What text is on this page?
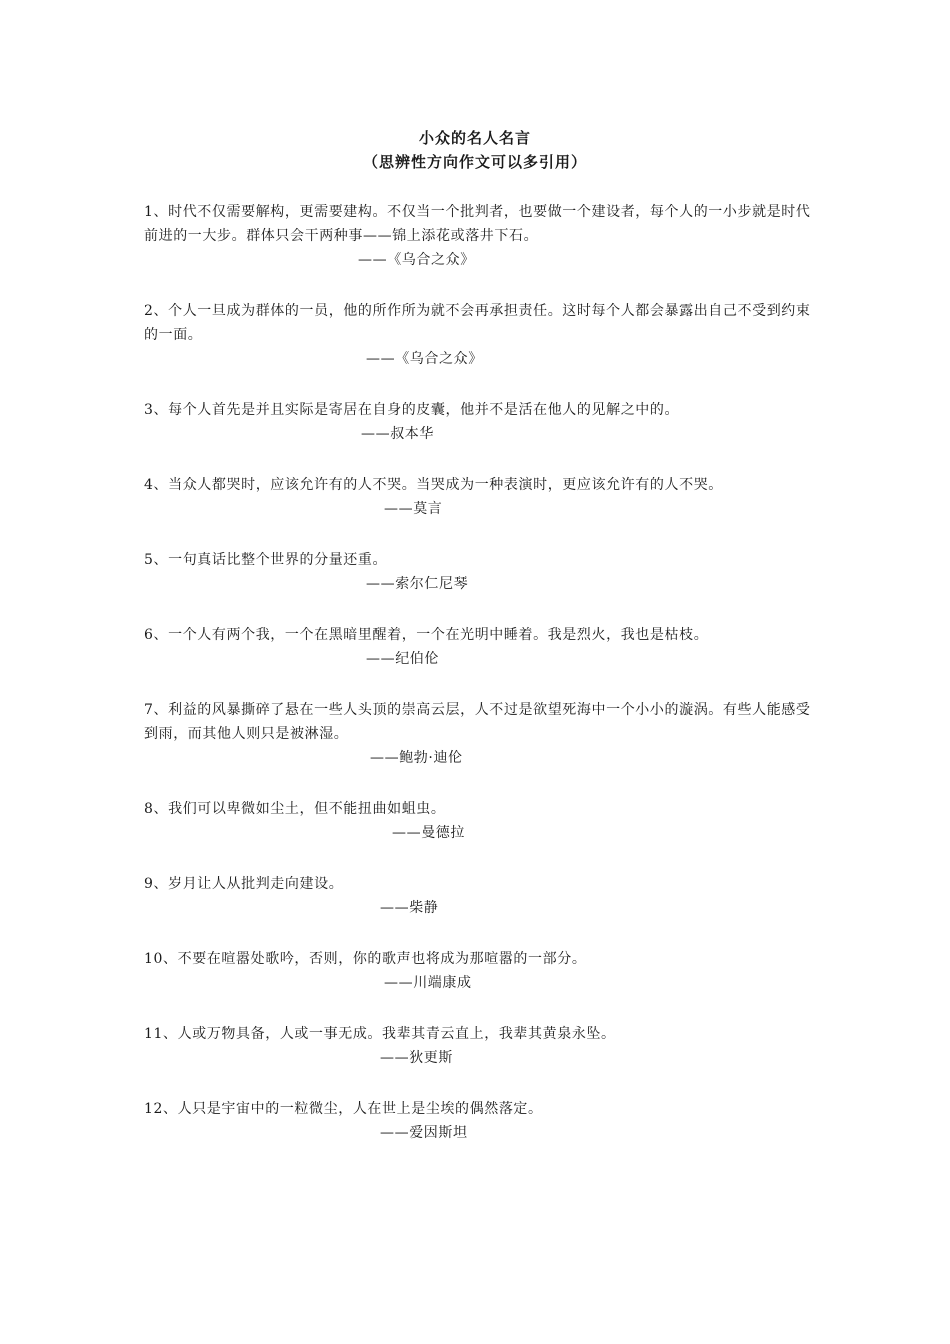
小众的名人名言
（思辨性方向作文可以多引用）
1、时代不仅需要解构，更需要建构。不仅当一个批判者，也要做一个建设者，每个人的一小步就是时代前进的一大步。群体只会干两种事——锦上添花或落井下石。
——《乌合之众》
2、个人一旦成为群体的一员，他的所作所为就不会再承担责任。这时每个人都会暴露出自己不受到约束的一面。
——《乌合之众》
3、每个人首先是并且实际是寄居在自身的皮囊，他并不是活在他人的见解之中的。
——叔本华
4、当众人都哭时，应该允许有的人不哭。当哭成为一种表演时，更应该允许有的人不哭。
——莫言
5、一句真话比整个世界的分量还重。
——索尔仁尼琴
6、一个人有两个我，一个在黑暗里醒着，一个在光明中睡着。我是烈火，我也是枯枝。
——纪伯伦
7、利益的风暴撕碎了悬在一些人头顶的崇高云层，人不过是欲望死海中一个小小的漩涡。有些人能感受到雨，而其他人则只是被淋湿。
——鲍勃·迪伦
8、我们可以卑微如尘土，但不能扭曲如蛆虫。
——曼德拉
9、岁月让人从批判走向建设。
——柴静
10、不要在喧嚣处歌吟，否则，你的歌声也将成为那喧嚣的一部分。
——川端康成
11、人或万物具备，人或一事无成。我辈其青云直上，我辈其黄泉永坠。
——狄更斯
12、人只是宇宙中的一粒微尘，人在世上是尘埃的偶然落定。
——爱因斯坦
